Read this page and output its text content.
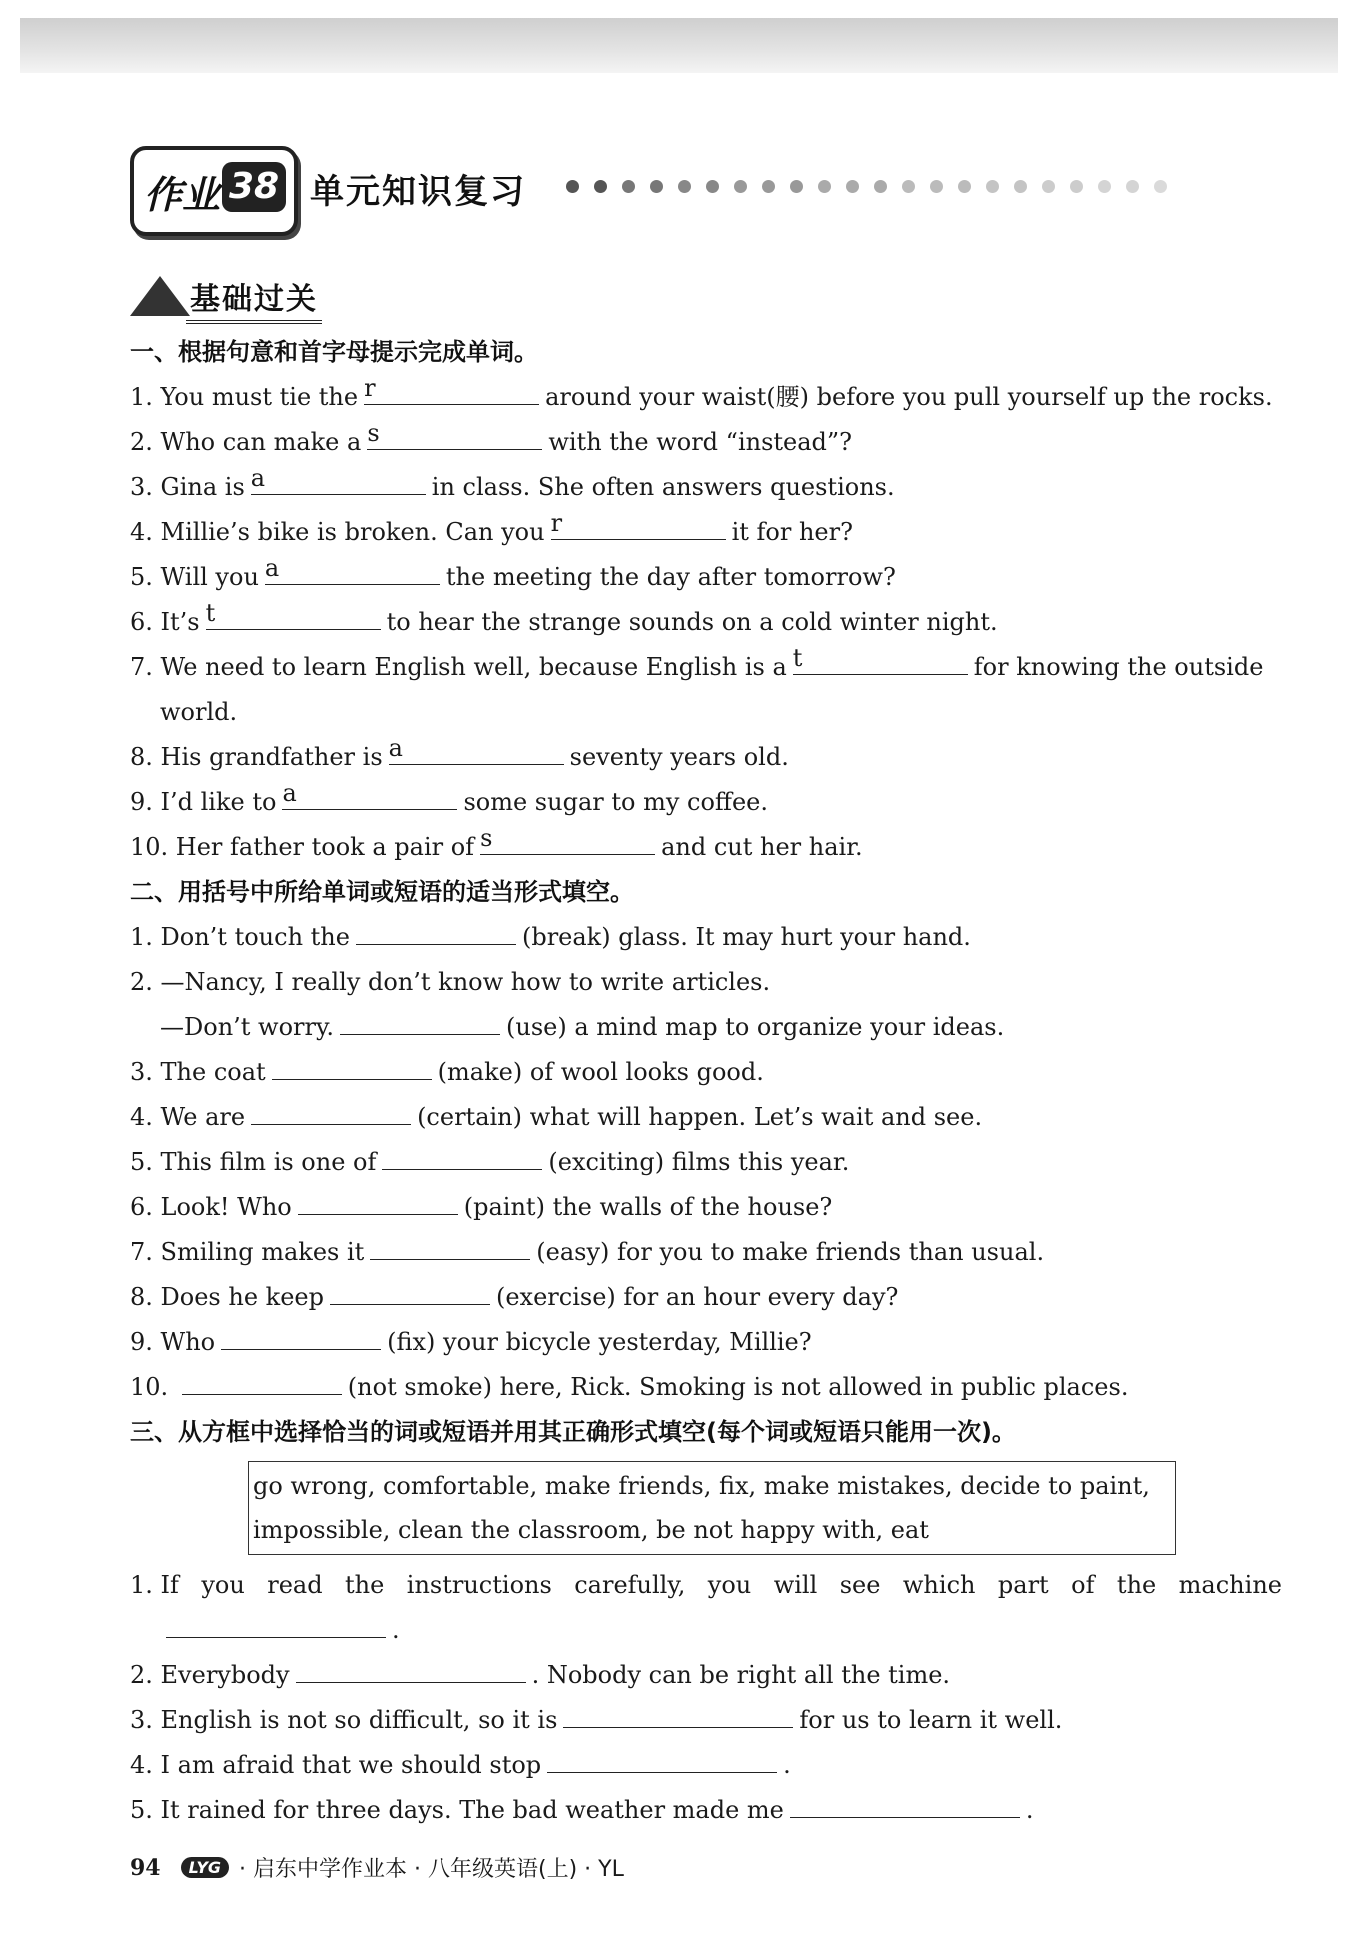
作业 38 单元知识复习
基础过关
一、根据句意和首字母提示完成单词。
1. You must tie the r	around your waist(腰) before you pull yourself up the rocks.
2. Who can make a s	with the word “instead”?
3. Gina is a	in class. She often answers questions.
4. Millie’s bike is broken. Can you r	it for her?
5. Will you a	the meeting the day after tomorrow?
6. It’s t	to hear the strange sounds on a cold winter night.
7. We need to learn English well, because English is a t	for knowing the outside
world.
8. His grandfather is a	seventy years old.
9. I’d like to a	some sugar to my coffee.
10. Her father took a pair of s	and cut her hair.
二、用括号中所给单词或短语的适当形式填空。
1. Don’t touch the	(break) glass. It may hurt your hand.
2. —Nancy, I really don’t know how to write articles.
—Don’t worry.	(use) a mind map to organize your ideas.
3. The coat	(make) of wool looks good.
4. We are	(certain) what will happen. Let’s wait and see.
5. This film is one of	(exciting) films this year.
6. Look! Who	(paint) the walls of the house?
7. Smiling makes it	(easy) for you to make friends than usual.
8. Does he keep	(exercise) for an hour every day?
9. Who	(fix) your bicycle yesterday, Millie?
10.	(not smoke) here, Rick. Smoking is not allowed in public places.
三、从方框中选择恰当的词或短语并用其正确形式填空(每个词或短语只能用一次)。
go wrong, comfortable, make friends, fix, make mistakes, decide to paint,
impossible, clean the classroom, be not happy with, eat
1. If you read the instructions carefully, you will see which part of the machine
.
2. Everybody	. Nobody can be right all the time.
3. English is not so difficult, so it is	for us to learn it well.
4. I am afraid that we should stop	.
5. It rained for three days. The bad weather made me	.
94	LYG · 启东中学作业本 · 八年级英语(上) · YL
